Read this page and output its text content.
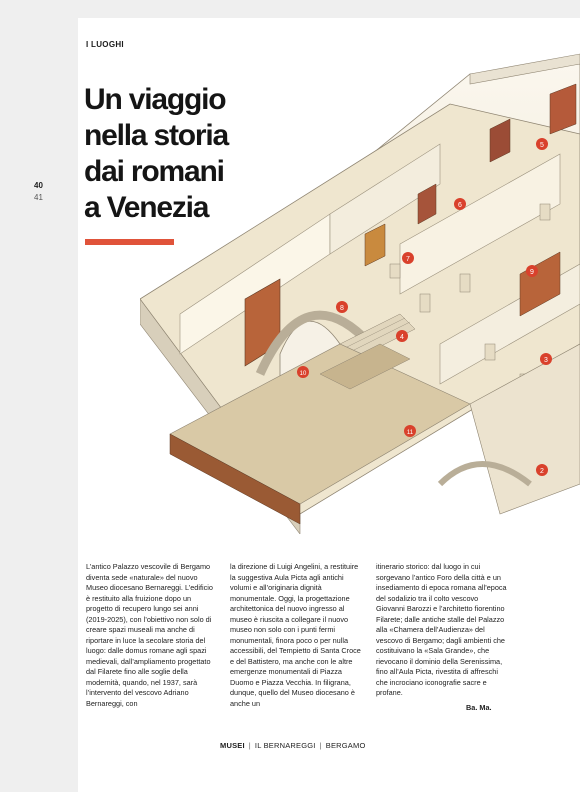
I LUOGHI
40
41
Un viaggio
nella storia
dai romani
a Venezia
2
3
4
5
6
7
8
9
10
11

L’antico Palazzo vescovile di Bergamo diventa sede «naturale» del nuovo Museo diocesano Bernareggi. L’edificio è restituito alla fruizione dopo un progetto di recupero lungo sei anni (2019-2025), con l’obiettivo non solo di creare spazi museali ma anche di riportare in luce la secolare storia del luogo: dalle domus romane agli spazi medievali, dall’ampliamento progettato dal Filarete fino alle soglie della modernità, quando, nel 1937, sarà l’intervento del vescovo Adriano Bernareggi, con

la direzione di Luigi Angelini, a restituire la suggestiva Aula Picta agli antichi volumi e all’originaria dignità monumentale. Oggi, la progettazione architettonica del nuovo ingresso al museo è riuscita a collegare il nuovo museo non solo con i punti fermi monumentali, finora poco o per nulla accessibili, del Tempietto di Santa Croce e del Battistero, ma anche con le altre emergenze monumentali di Piazza Duomo e Piazza Vecchia. In filigrana, dunque, quello del Museo diocesano è anche un

itinerario storico: dal luogo in cui sorgevano l’antico Foro della città e un insediamento di epoca romana all’epoca del sodalizio tra il colto vescovo Giovanni Barozzi e l’architetto fiorentino Filarete; dalle antiche stalle del Palazzo alla «Chamera dell’Audienza» del vescovo di Bergamo; dagli ambienti che costituivano la «Sala Grande», che rievocano il dominio della Serenissima, fino all’Aula Picta, rivestita di affreschi che incrociano iconografie sacre e profane.

Ba. Ma.
MUSEI | IL BERNAREGGI | BERGAMO
